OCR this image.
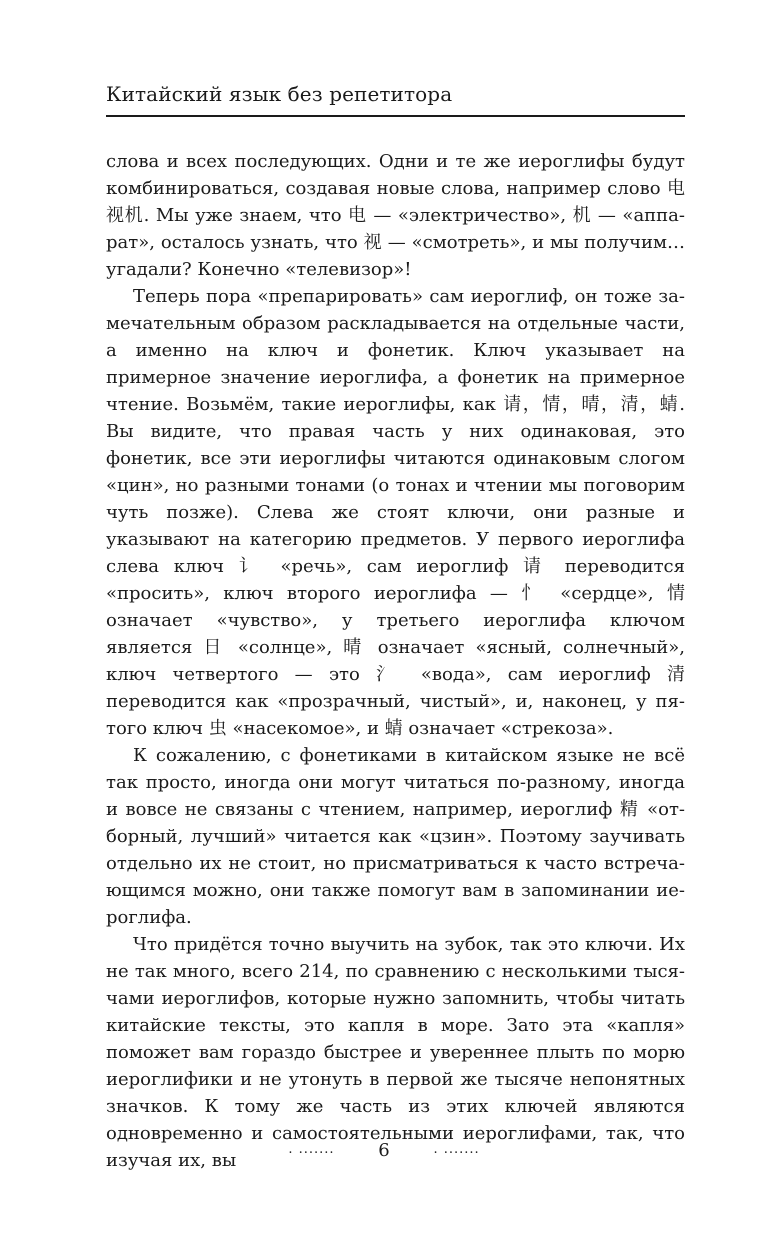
Китайский язык без репетитора

слова и всех последующих. Одни и те же иероглифы будут комбинироваться, создавая новые слова, например слово 电视机. Мы уже знаем, что 电 — «электричество», 机 — «аппарат», осталось узнать, что 视 — «смотреть», и мы получим… угадали? Конечно «телевизор»!

Теперь пора «препарировать» сам иероглиф, он тоже замечательным образом раскладывается на отдельные части, а именно на ключ и фонетик. Ключ указывает на примерное значение иероглифа, а фонетик на примерное чтение. Возьмём, такие иероглифы, как 请，情，晴，清，蜻. Вы видите, что правая часть у них одинаковая, это фонетик, все эти иероглифы читаются одинаковым слогом «цин», но разными тонами (о тонах и чтении мы поговорим чуть позже). Слева же стоят ключи, они разные и указывают на категорию предметов. У первого иероглифа слева ключ 讠 «речь», сам иероглиф 请 переводится «просить», ключ второго иероглифа — 忄 «сердце», 情 означает «чувство», у третьего иероглифа ключом является 日 «солнце», 晴 означает «ясный, солнечный», ключ четвертого — это 氵 «вода», сам иероглиф 清 переводится как «прозрачный, чистый», и, наконец, у пятого ключ 虫 «насекомое», и 蜻 означает «стрекоза».

К сожалению, с фонетиками в китайском языке не всё так просто, иногда они могут читаться по-разному, иногда и вовсе не связаны с чтением, например, иероглиф 精 «отборный, лучший» читается как «цзин». Поэтому заучивать отдельно их не стоит, но присматриваться к часто встречающимся можно, они также помогут вам в запоминании иероглифа.

Что придётся точно выучить на зубок, так это ключи. Их не так много, всего 214, по сравнению с несколькими тысячами иероглифов, которые нужно запомнить, чтобы читать китайские тексты, это капля в море. Зато эта «капля» поможет вам гораздо быстрее и увереннее плыть по морю иероглифики и не утонуть в первой же тысяче непонятных значков. К тому же часть из этих ключей являются одновременно и самостоятельными иероглифами, так, что изучая их, вы

. ....... 6	. .......
